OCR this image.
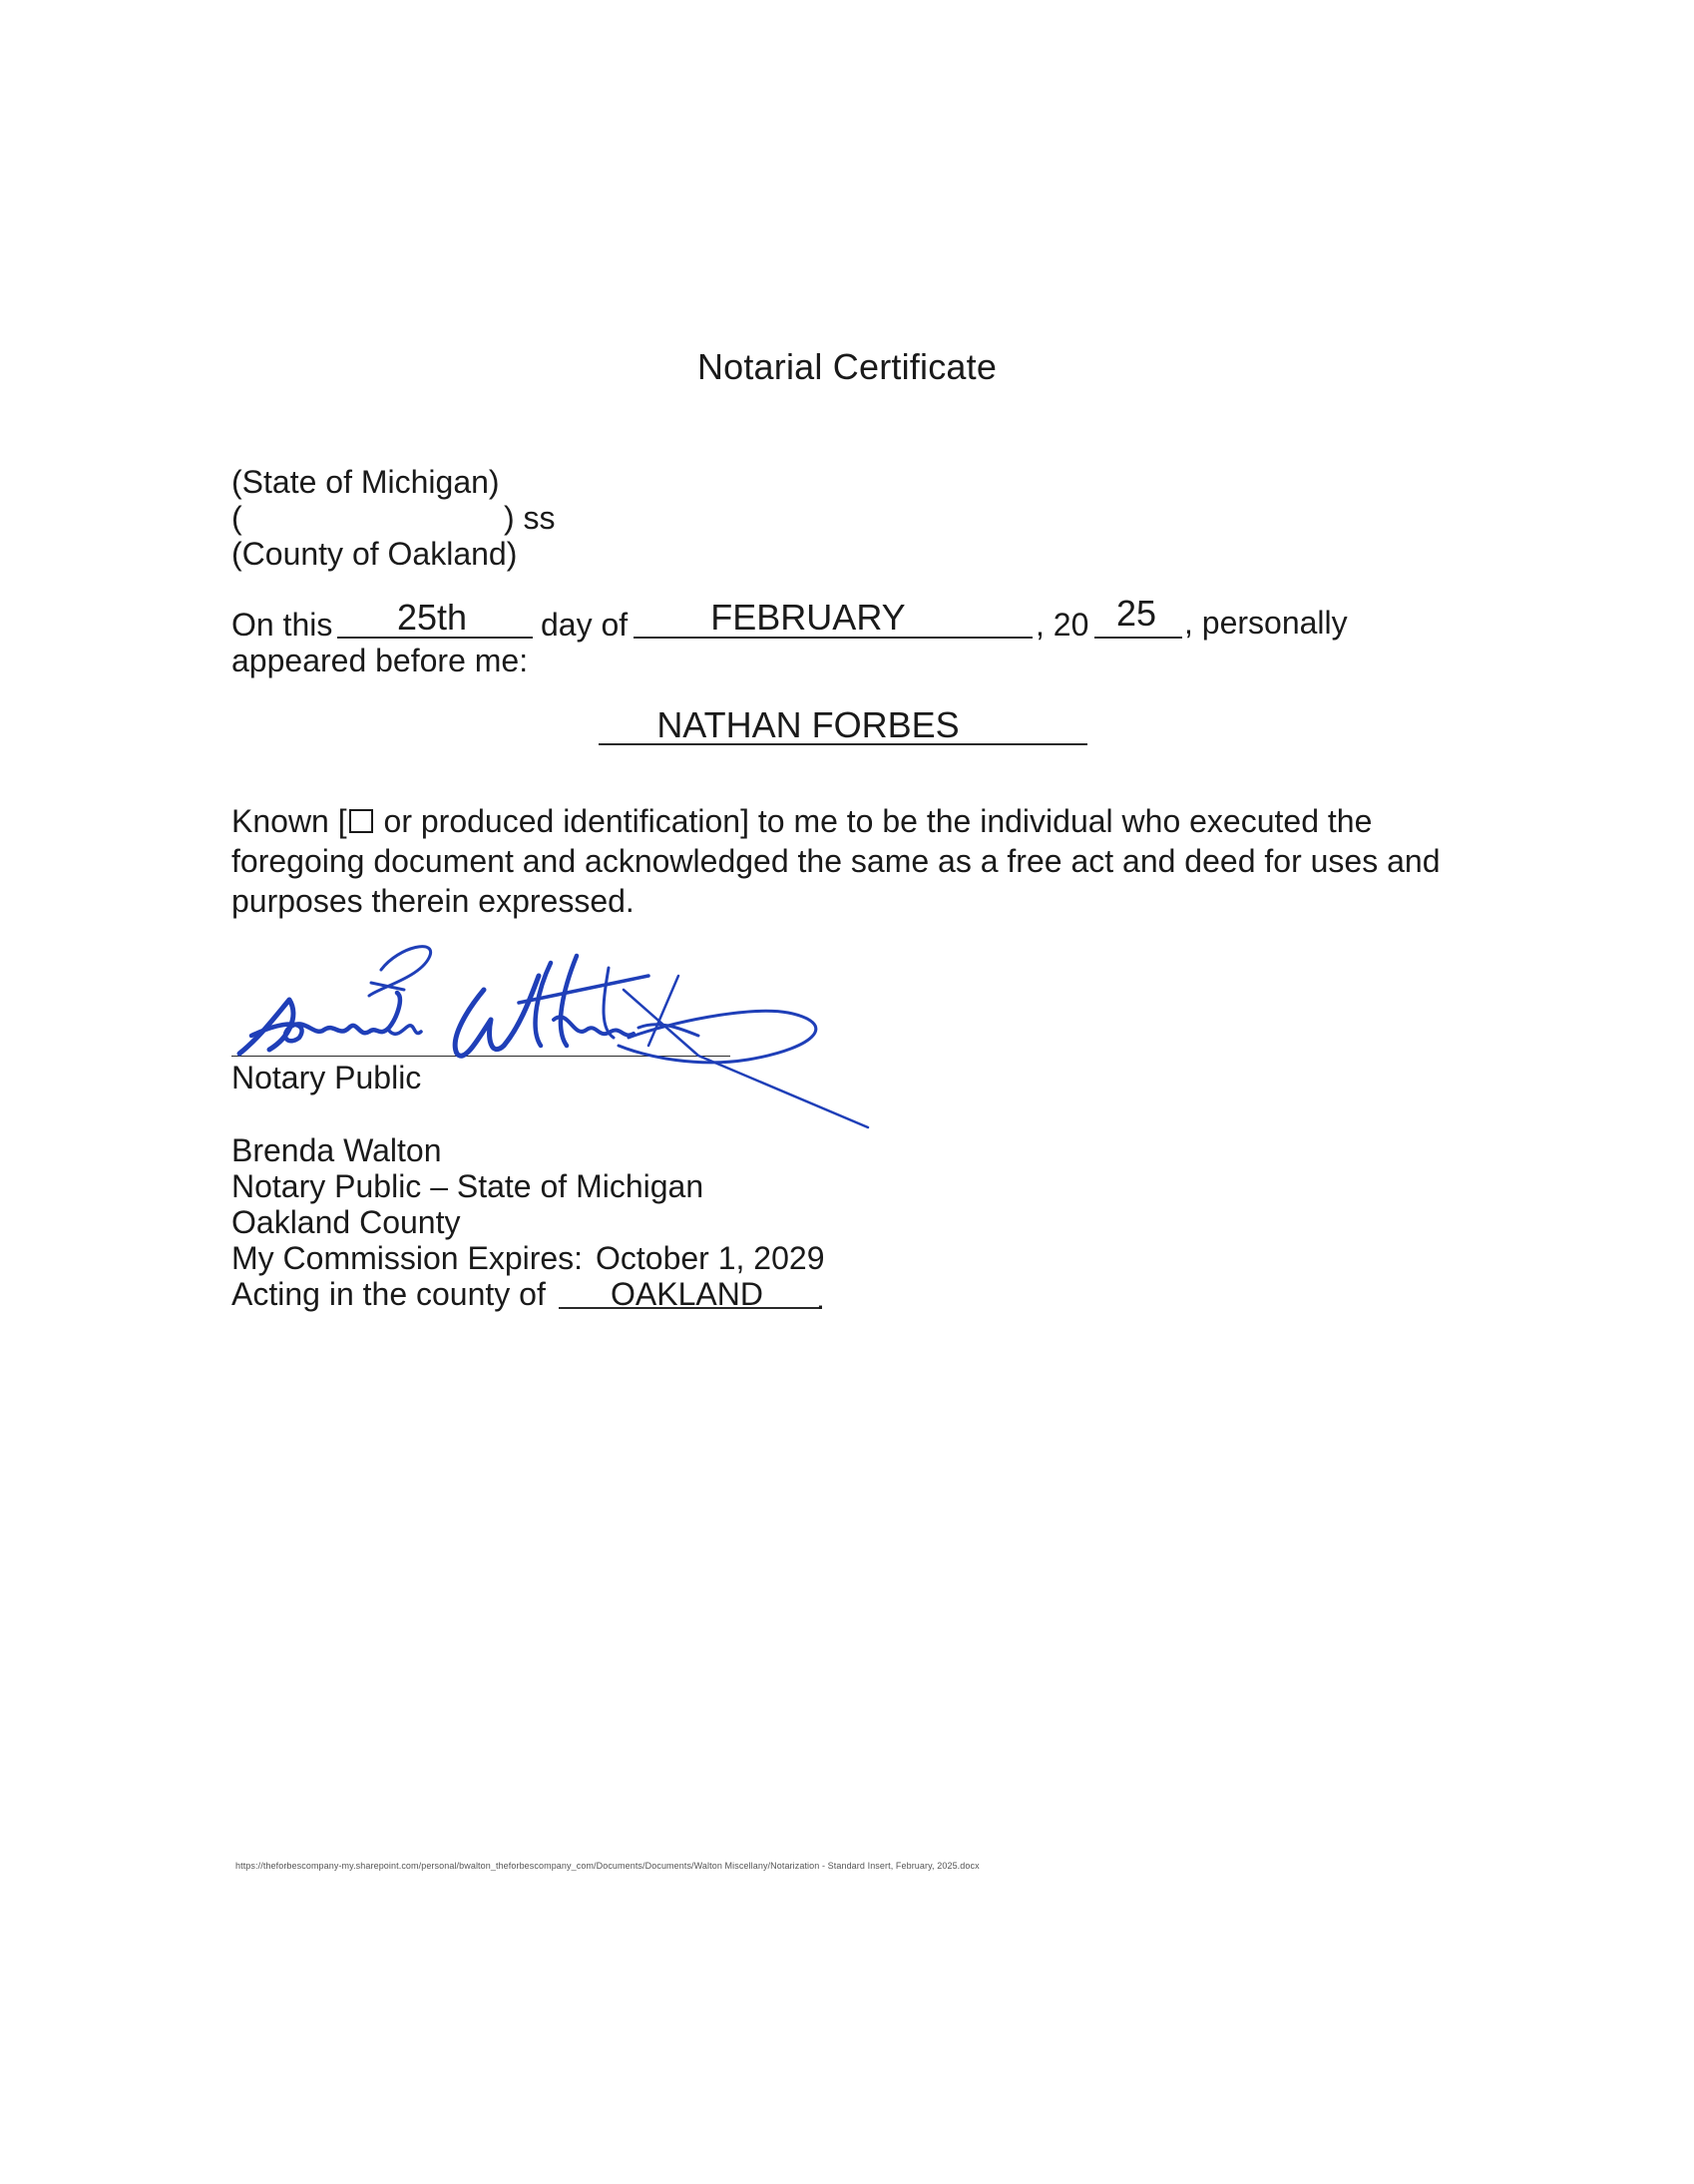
Notarial Certificate
(State of Michigan)
(	) ss
(County of Oakland)
On this	25th	day of	FEBRUARY	, 20 25 , personally
appeared before me:
NATHAN FORBES
Known [ or produced identification] to me to be the individual who executed the
foregoing document and acknowledged the same as a free act and deed for uses and
purposes therein expressed.
Notary Public
Brenda Walton
Notary Public – State of Michigan
Oakland County
My Commission Expires: October 1, 2029
Acting in the county of OAKLAND .
https://theforbescompany-my.sharepoint.com/personal/bwalton_theforbescompany_com/Documents/Documents/Walton Miscellany/Notarization - Standard Insert, February, 2025.docx
